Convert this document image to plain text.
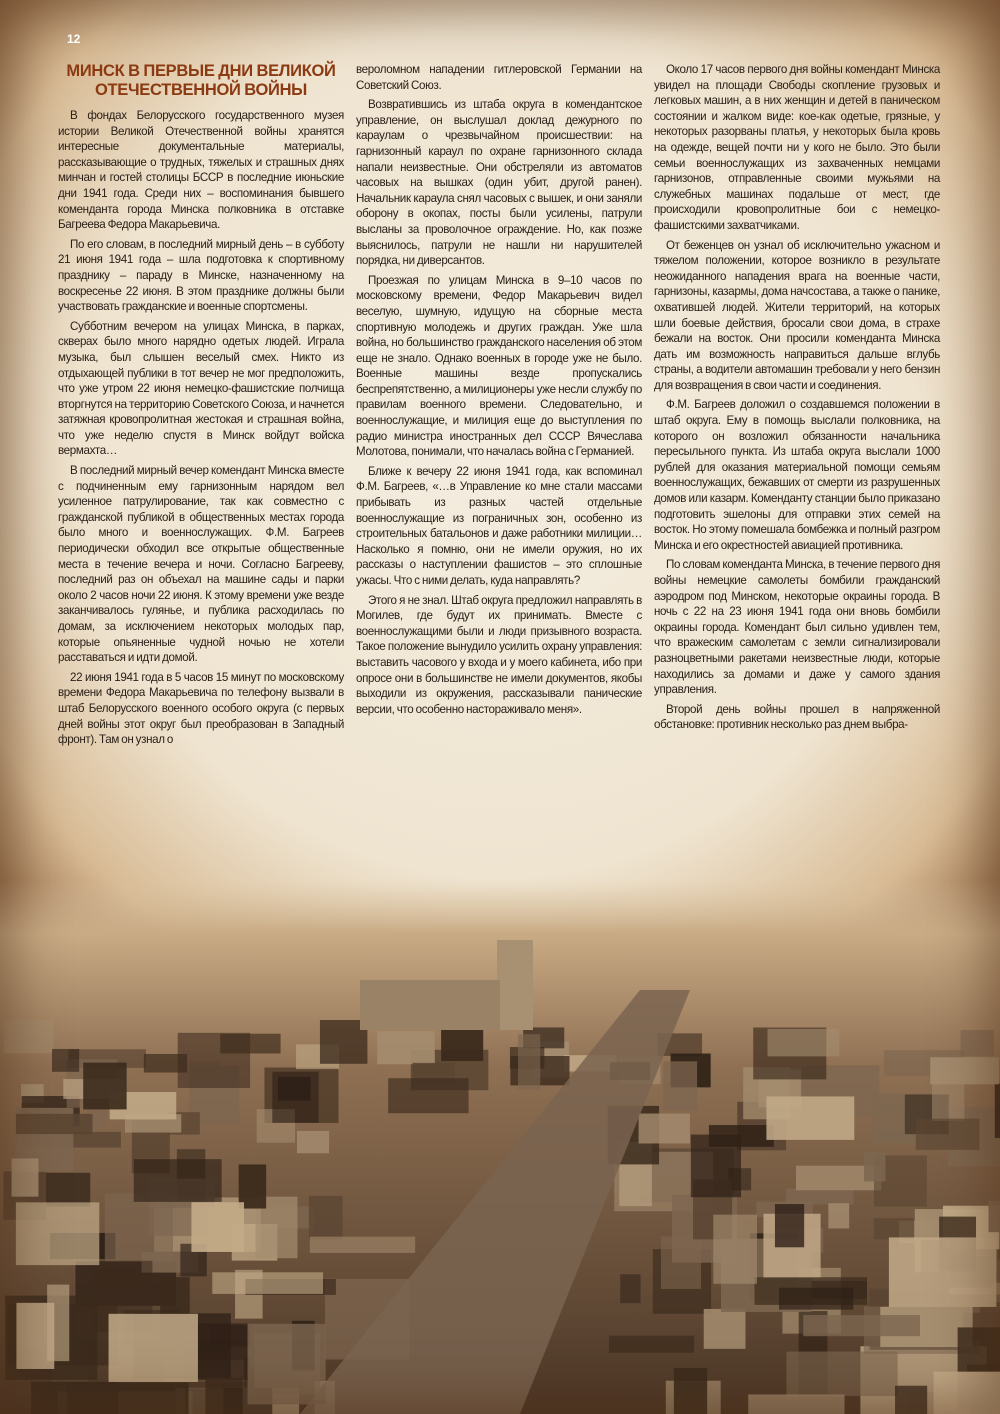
12
МИНСК В ПЕРВЫЕ ДНИ ВЕЛИКОЙ ОТЕЧЕСТВЕННОЙ ВОЙНЫ

В фондах Белорусского государственного музея истории Великой Отечественной войны хранятся интересные документальные материалы, рассказывающие о трудных, тяжелых и страшных днях минчан и гостей столицы БССР в последние июньские дни 1941 года. Среди них – воспоминания бывшего коменданта города Минска полковника в отставке Багреева Федора Макарьевича.

По его словам, в последний мирный день – в субботу 21 июня 1941 года – шла подготовка к спортивному празднику – параду в Минске, назначенному на воскресенье 22 июня. В этом празднике должны были участвовать гражданские и военные спортсмены.

Субботним вечером на улицах Минска, в парках, скверах было много нарядно одетых людей. Играла музыка, был слышен веселый смех. Никто из отдыхающей публики в тот вечер не мог предположить, что уже утром 22 июня немецко-фашистские полчища вторгнутся на территорию Советского Союза, и начнется затяжная кровопролитная жестокая и страшная война, что уже неделю спустя в Минск войдут войска вермахта…

В последний мирный вечер комендант Минска вместе с подчиненным ему гарнизонным нарядом вел усиленное патрулирование, так как совместно с гражданской публикой в общественных местах города было много и военнослужащих. Ф.М. Багреев периодически обходил все открытые общественные места в течение вечера и ночи. Согласно Багрееву, последний раз он объехал на машине сады и парки около 2 часов ночи 22 июня. К этому времени уже везде заканчивалось гулянье, и публика расходилась по домам, за исключением некоторых молодых пар, которые опьяненные чудной ночью не хотели расставаться и идти домой.

22 июня 1941 года в 5 часов 15 минут по московскому времени Федора Макарьевича по телефону вызвали в штаб Белорусского военного особого округа (с первых дней войны этот округ был преобразован в Западный фронт). Там он узнал о

вероломном нападении гитлеровской Германии на Советский Союз.

Возвратившись из штаба округа в комендантское управление, он выслушал доклад дежурного по караулам о чрезвычайном происшествии: на гарнизонный караул по охране гарнизонного склада напали неизвестные. Они обстреляли из автоматов часовых на вышках (один убит, другой ранен). Начальник караула снял часовых с вышек, и они заняли оборону в окопах, посты были усилены, патрули высланы за проволочное ограждение. Но, как позже выяснилось, патрули не нашли ни нарушителей порядка, ни диверсантов.

Проезжая по улицам Минска в 9–10 часов по московскому времени, Федор Макарьевич видел веселую, шумную, идущую на сборные места спортивную молодежь и других граждан. Уже шла война, но большинство гражданского населения об этом еще не знало. Однако военных в городе уже не было. Военные машины везде пропускались беспрепятственно, а милиционеры уже несли службу по правилам военного времени. Следовательно, и военнослужащие, и милиция еще до выступления по радио министра иностранных дел СССР Вячеслава Молотова, понимали, что началась война с Германией.

Ближе к вечеру 22 июня 1941 года, как вспоминал Ф.М. Багреев, «…в Управление ко мне стали массами прибывать из разных частей отдельные военнослужащие из пограничных зон, особенно из строительных батальонов и даже работники милиции… Насколько я помню, они не имели оружия, но их рассказы о наступлении фашистов – это сплошные ужасы. Что с ними делать, куда направлять?

Этого я не знал. Штаб округа предложил направлять в Могилев, где будут их принимать. Вместе с военнослужащими были и люди призывного возраста. Такое положение вынудило усилить охрану управления: выставить часового у входа и у моего кабинета, ибо при опросе они в большинстве не имели документов, якобы выходили из окружения, рассказывали панические версии, что особенно настораживало меня».

Около 17 часов первого дня войны комендант Минска увидел на площади Свободы скопление грузовых и легковых машин, а в них женщин и детей в паническом состоянии и жалком виде: кое-как одетые, грязные, у некоторых разорваны платья, у некоторых была кровь на одежде, вещей почти ни у кого не было. Это были семьи военнослужащих из захваченных немцами гарнизонов, отправленные своими мужьями на служебных машинах подальше от мест, где происходили кровопролитные бои с немецко-фашистскими захватчиками.

От беженцев он узнал об исключительно ужасном и тяжелом положении, которое возникло в результате неожиданного нападения врага на военные части, гарнизоны, казармы, дома начсостава, а также о панике, охватившей людей. Жители территорий, на которых шли боевые действия, бросали свои дома, в страхе бежали на восток. Они просили коменданта Минска дать им возможность направиться дальше вглубь страны, а водители автомашин требовали у него бензин для возвращения в свои части и соединения.

Ф.М. Багреев доложил о создавшемся положении в штаб округа. Ему в помощь выслали полковника, на которого он возложил обязанности начальника пересыльного пункта. Из штаба округа выслали 1000 рублей для оказания материальной помощи семьям военнослужащих, бежавших от смерти из разрушенных домов или казарм. Коменданту станции было приказано подготовить эшелоны для отправки этих семей на восток. Но этому помешала бомбежка и полный разгром Минска и его окрестностей авиацией противника.

По словам коменданта Минска, в течение первого дня войны немецкие самолеты бомбили гражданский аэродром под Минском, некоторые окраины города. В ночь с 22 на 23 июня 1941 года они вновь бомбили окраины города. Комендант был сильно удивлен тем, что вражеским самолетам с земли сигнализировали разноцветными ракетами неизвестные люди, которые находились за домами и даже у самого здания управления.

Второй день войны прошел в напряженной обстановке: противник несколько раз днем выбра-
